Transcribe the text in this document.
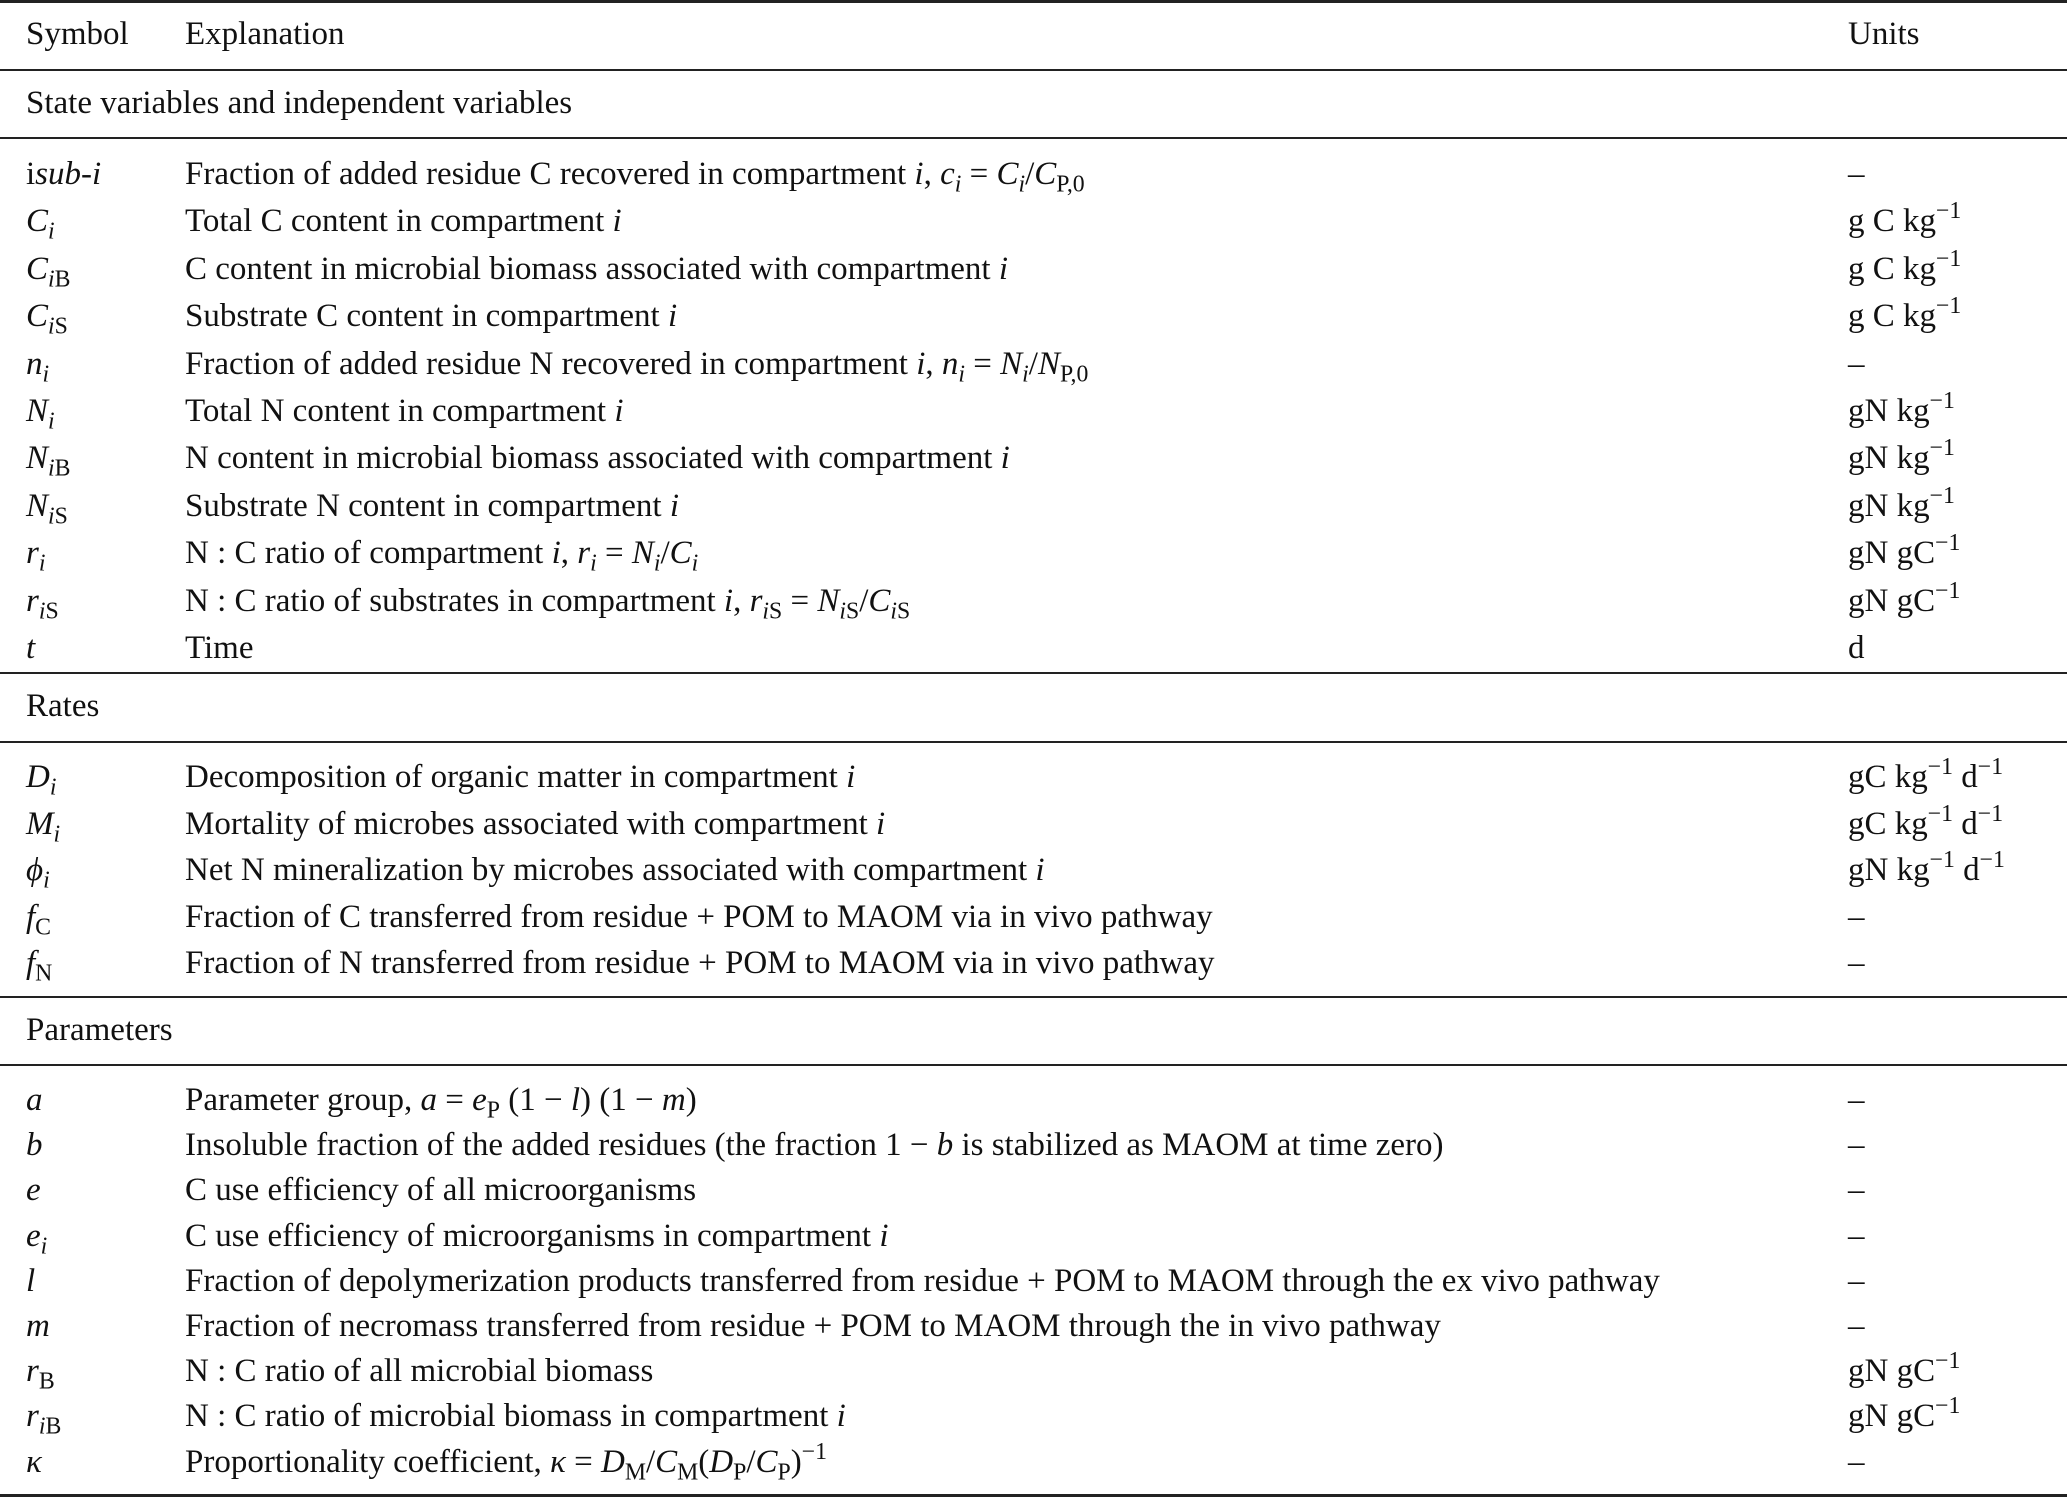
Symbol Explanation	Units
State variables and independent variables
isub-i	Fraction of added residue C recovered in compartment i, $c_i = C_i/C_{P,0}$	–
$C_i$	Total C content in compartment i	g C $kg^{-1}$
$C_{iB}$	C content in microbial biomass associated with compartment i	g C $kg^{-1}$
$C_{iS}$	Substrate C content in compartment i	g C $kg^{-1}$
$n_i$	Fraction of added residue N recovered in compartment i, $n_i = N_i/N_{P,0}$	–
$N_i$	Total N content in compartment i	gN $kg^{-1}$
$N_{iB}$	N content in microbial biomass associated with compartment i	gN $kg^{-1}$
$N_{iS}$	Substrate N content in compartment i	gN $kg^{-1}$
$r_i$	N : C ratio of compartment i, $r_i = N_i/C_i$	gN $gC^{-1}$
$r_{iS}$	N : C ratio of substrates in compartment i, $r_{iS} = N_{iS}/C_{iS}$	gN $gC^{-1}$
t	Time	d
Rates
$D_i$	Decomposition of organic matter in compartment i	gC $kg^{-1}$ $d^{-1}$
$M_i$	Mortality of microbes associated with compartment i	gC $kg^{-1}$ $d^{-1}$
$\phi_i$	Net N mineralization by microbes associated with compartment i	gN $kg^{-1}$ $d^{-1}$
$f_C$	Fraction of C transferred from residue + POM to MAOM via in vivo pathway	–
$f_N$	Fraction of N transferred from residue + POM to MAOM via in vivo pathway	–
Parameters
a	Parameter group, $a = e_P$ (1 − l) (1 − m)	–
b	Insoluble fraction of the added residues (the fraction 1 − b is stabilized as MAOM at time zero)	–
e	C use efficiency of all microorganisms	–
$e_i$	C use efficiency of microorganisms in compartment i	–
l	Fraction of depolymerization products transferred from residue + POM to MAOM through the ex vivo pathway	–
m	Fraction of necromass transferred from residue + POM to MAOM through the in vivo pathway	–
$r_B$	N : C ratio of all microbial biomass	gN $gC^{-1}$
$r_{iB}$	N : C ratio of microbial biomass in compartment i	gN $gC^{-1}$
κ	Proportionality coefficient, $\kappa = D_M/C_M(D_P/C_P)^{-1}$	–
